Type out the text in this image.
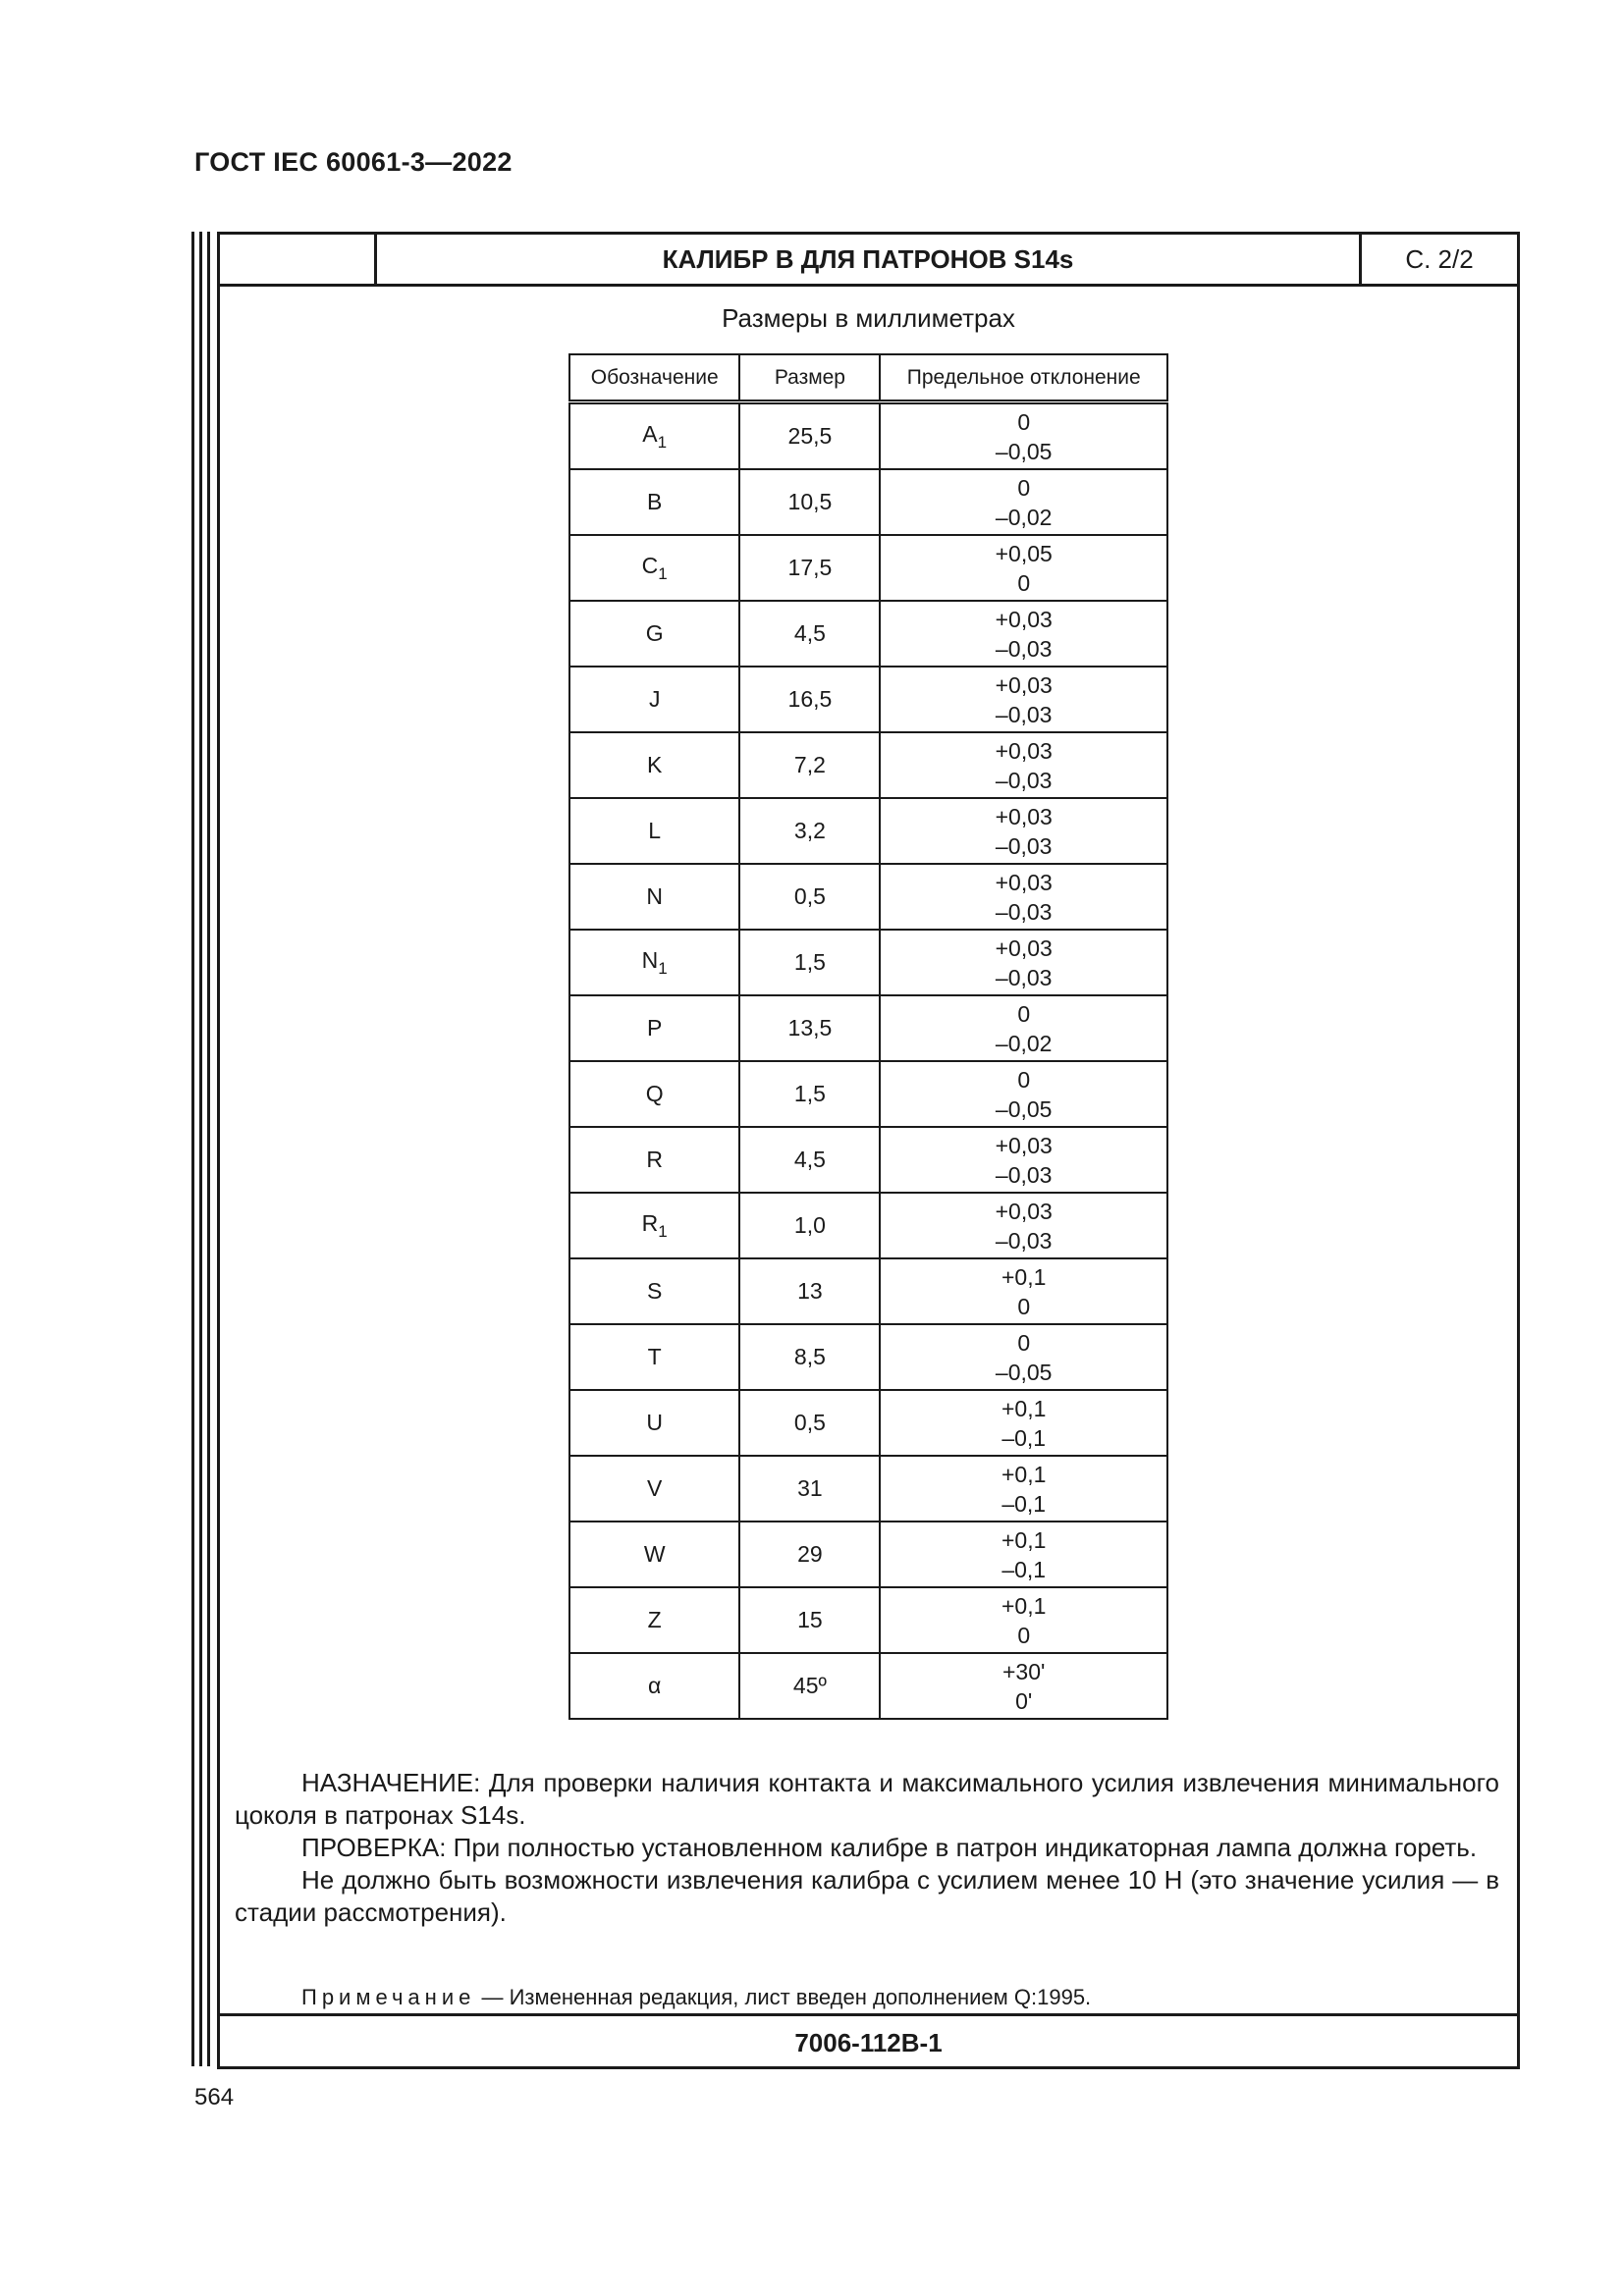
ГОСТ IEC 60061-3—2022
КАЛИБР B ДЛЯ ПАТРОНОВ S14s	С. 2/2
Размеры в миллиметрах
Обозначение	Размер	Предельное отклонение
$A_1$	25,5	0
–0,05

B	10,5	0
–0,02

$C_1$	17,5	+0,05
0

G	4,5	+0,03
–0,03

J	16,5	+0,03
–0,03

K	7,2	+0,03
–0,03

L	3,2	+0,03
–0,03

N	0,5	+0,03
–0,03

$N_1$	1,5	+0,03
–0,03

P	13,5	0
–0,02

Q	1,5	0
–0,05

R	4,5	+0,03
–0,03

$R_1$	1,0	+0,03
–0,03

S	13	+0,1
0

T	8,5	0
–0,05

U	0,5	+0,1
–0,1

V	31	+0,1
–0,1

W	29	+0,1
–0,1

Z	15	+0,1
0

α	45º	+30'
0'

НАЗНАЧЕНИЕ: Для проверки наличия контакта и максимального усилия извлечения минимального цоколя в патронах S14s.

ПРОВЕРКА: При полностью установленном калибре в патрон индикаторная лампа должна гореть.

Не должно быть возможности извлечения калибра с усилием менее 10 Н (это значение усилия — в стадии рассмотрения).

Примечание — Измененная редакция, лист введен дополнением Q:1995.
7006-112B-1
564
